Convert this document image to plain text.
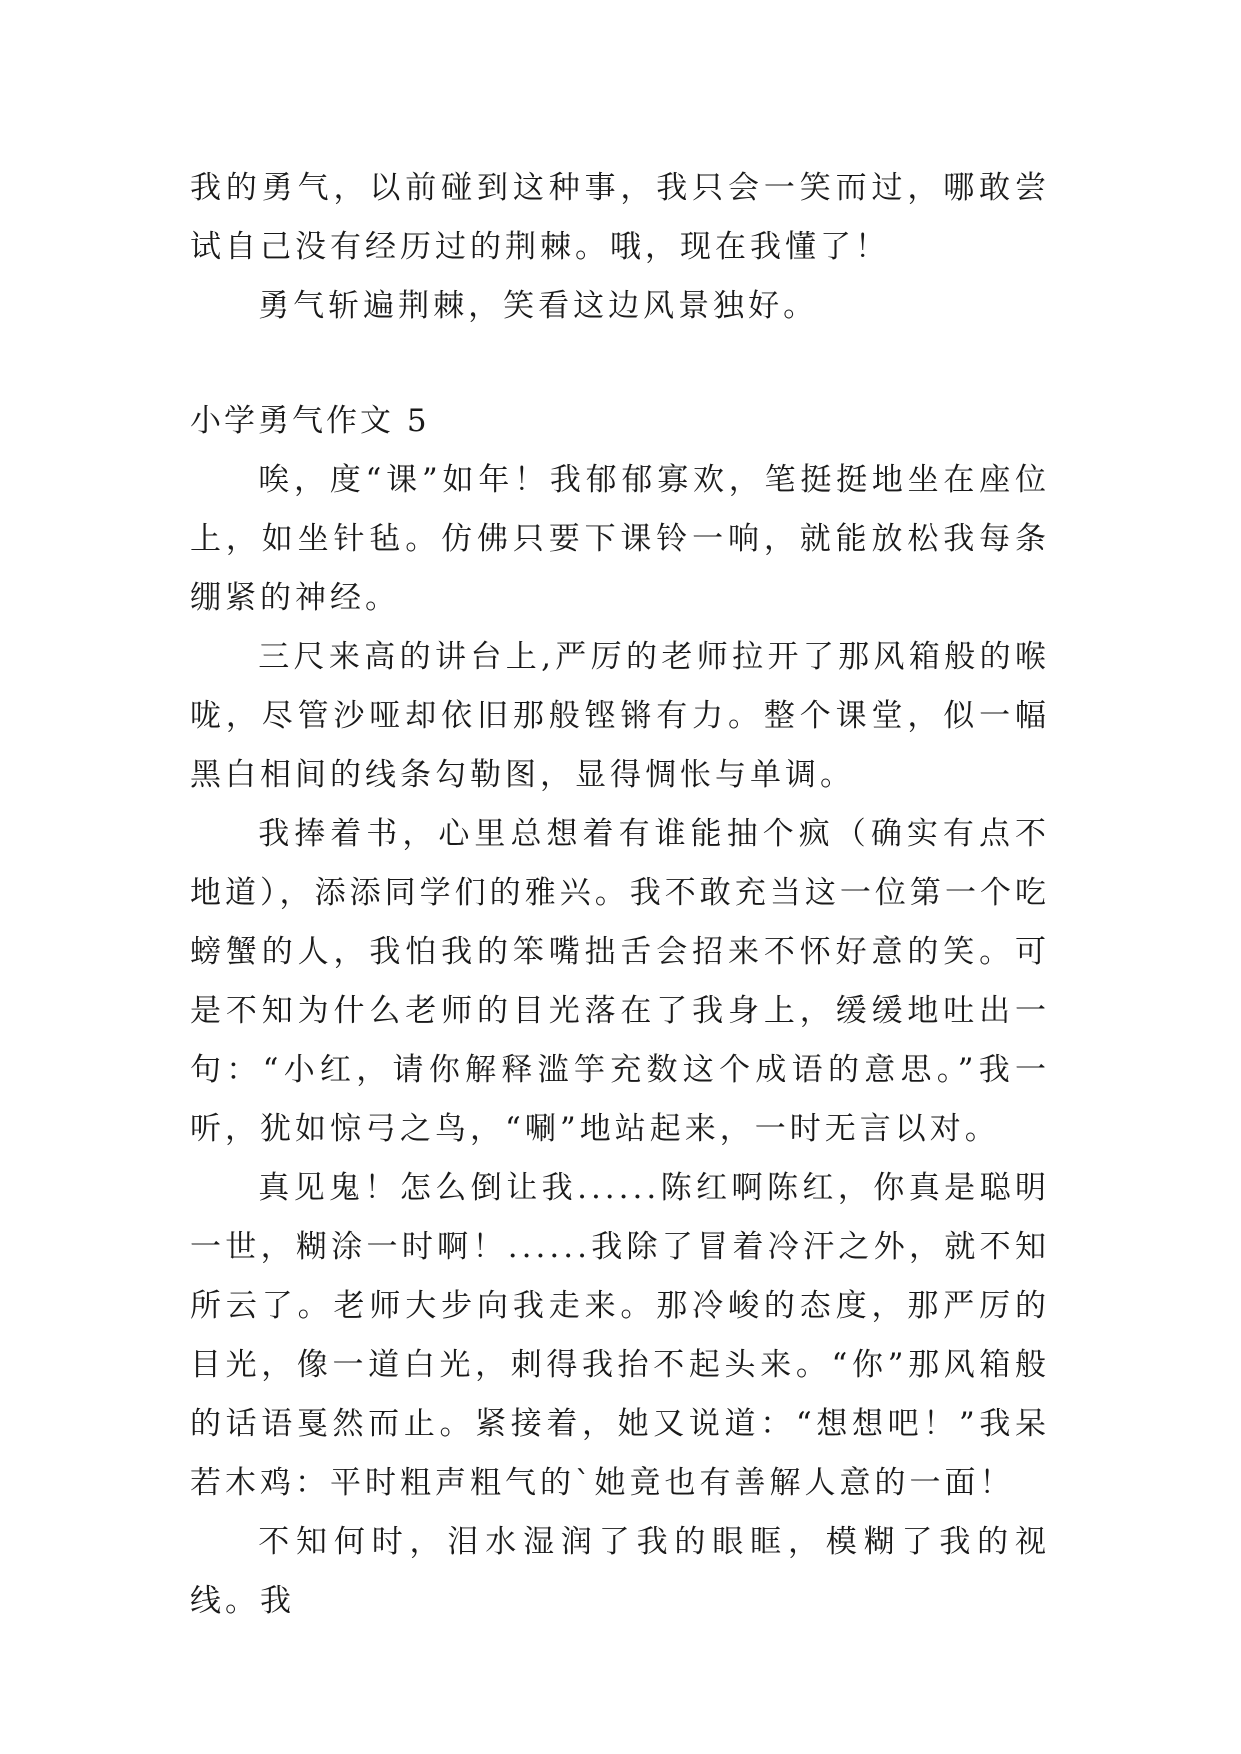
我的勇气，以前碰到这种事，我只会一笑而过，哪敢尝试自己没有经历过的荆棘。哦，现在我懂了！

勇气斩遍荆棘，笑看这边风景独好。

小学勇气作文 5

唉，度“课”如年！我郁郁寡欢，笔挺挺地坐在座位上，如坐针毡。仿佛只要下课铃一响，就能放松我每条绷紧的神经。

三尺来高的讲台上,严厉的老师拉开了那风箱般的喉咙，尽管沙哑却依旧那般铿锵有力。整个课堂，似一幅黑白相间的线条勾勒图，显得惆怅与单调。

我捧着书，心里总想着有谁能抽个疯（确实有点不地道），添添同学们的雅兴。我不敢充当这一位第一个吃螃蟹的人，我怕我的笨嘴拙舌会招来不怀好意的笑。可是不知为什么老师的目光落在了我身上，缓缓地吐出一句：“小红，请你解释滥竽充数这个成语的意思。”我一听，犹如惊弓之鸟，“唰”地站起来，一时无言以对。

真见鬼！怎么倒让我......陈红啊陈红，你真是聪明一世，糊涂一时啊！......我除了冒着冷汗之外，就不知所云了。老师大步向我走来。那冷峻的态度，那严厉的目光，像一道白光，刺得我抬不起头来。“你”那风箱般的话语戛然而止。紧接着，她又说道：“想想吧！”我呆若木鸡：平时粗声粗气的`她竟也有善解人意的一面！

不知何时，泪水湿润了我的眼眶，模糊了我的视线。我
